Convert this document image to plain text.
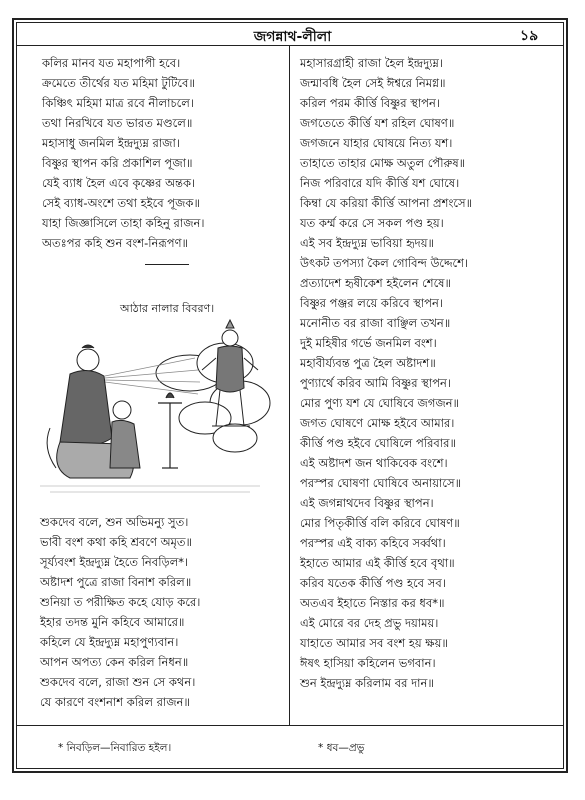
জগন্নাথ-লীলা	১৯
কলির মানব যত মহাপাপী হবে।
ক্রমেতে তীর্থের যত মহিমা টুটিবে॥
কিঞ্চিৎ মহিমা মাত্র রবে নীলাচলে।
তথা নিরখিবে যত ভারত মণ্ডলে॥
মহাসাধু জনমিল ইন্দ্রদ্যুম্ন রাজা।
বিষ্ণুর স্থাপন করি প্রকাশিল পূজা॥
যেই ব্যাধ হৈল এবে কৃষ্ণের অন্তক।
সেই ব্যাধ-অংশে তথা হইবে পূজক॥
যাহা জিজ্ঞাসিলে তাহা কহিনু রাজন।
অতঃপর কহি শুন বংশ-নিরূপণ॥
আঠার নালার বিবরণ।
শুকদেব বলে, শুন অভিমন্যু সুত।
ভাবী বংশ কথা কহি শ্রবণে অমৃত॥
সূর্য্যবংশ ইন্দ্রদ্যুম্ন হৈতে নিবড়িল*।
অষ্টাদশ পুত্রে রাজা বিনাশ করিল॥
শুনিয়া ত পরীক্ষিত কহে যোড় করে।
ইহার তদন্ত মুনি কহিবে আমারে॥
কহিলে যে ইন্দ্রদ্যুম্ন মহাপুণ্যবান।
আপন অপত্য কেন করিল নিধন॥
শুকদেব বলে, রাজা শুন সে কথন।
যে কারণে বংশনাশ করিল রাজন॥
মহাসারগ্রাহী রাজা হৈল ইন্দ্রদ্যুম্ন।
জন্মাবধি হৈল সেই ঈশ্বরে নিমগ্ন॥
করিল পরম কীর্ত্তি বিষ্ণুর স্থাপন।
জগতেতে কীর্ত্তি যশ রহিল ঘোষণ॥
জগজনে যাহার ঘোষয়ে নিত্য যশ।
তাহাতে তাহার মোক্ষ অতুল পৌরুষ॥
নিজ পরিবারে যদি কীর্ত্তি যশ ঘোষে।
কিম্বা যে করিয়া কীর্ত্তি আপনা প্রশংসে॥
যত কর্ম্ম করে সে সকল পণ্ড হয়।
এই সব ইন্দ্রদ্যুম্ন ভাবিয়া হৃদয়॥
উৎকট তপস্যা কৈল গোবিন্দ উদ্দেশে।
প্রত্যাদেশ হৃষীকেশ হইলেন শেষে॥
বিষ্ণুর পঞ্জর লয়ে করিবে স্থাপন।
মনোনীত বর রাজা বাঞ্ছিল তখন॥
দুই মহিষীর গর্ভে জনমিল বংশ।
মহাবীর্য্যবন্ত পুত্র হৈল অষ্টাদশ॥
পুণ্যার্থে করিব আমি বিষ্ণুর স্থাপন।
মোর পুণ্য যশ যে ঘোষিবে জগজন॥
জগত ঘোষণে মোক্ষ হইবে আমার।
কীর্ত্তি পণ্ড হইবে ঘোষিলে পরিবার॥
এই অষ্টাদশ জন থাকিবেক বংশে।
পরস্পর ঘোষণা ঘোষিবে অনায়াসে॥
এই জগন্নাথদেব বিষ্ণুর স্থাপন।
মোর পিতৃকীর্ত্তি বলি করিবে ঘোষণ॥
পরস্পর এই বাক্য কহিবে সর্ব্বথা।
ইহাতে আমার এই কীর্ত্তি হবে বৃথা॥
করিব যতেক কীর্ত্তি পণ্ড হবে সব।
অতএব ইহাতে নিস্তার কর ধব*॥
এই মোরে বর দেহ প্রভু দয়াময়।
যাহাতে আমার সব বংশ হয় ক্ষয়॥
ঈষৎ হাসিয়া কহিলেন ভগবান।
শুন ইন্দ্রদ্যুম্ন করিলাম বর দান॥
* নিবড়িল—নিবারিত হইল।	* ধব—প্রভু
